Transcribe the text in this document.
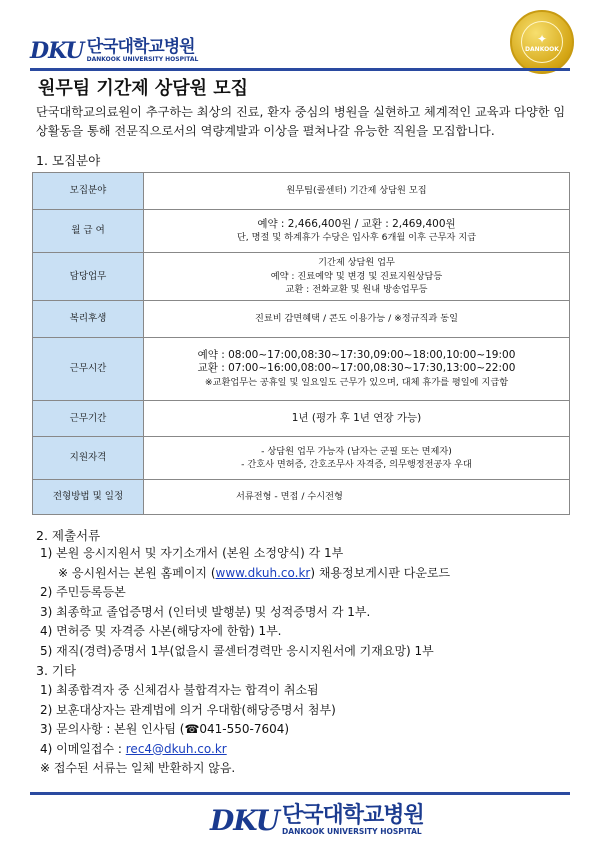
DKU 단국대학교병원
DANKOOK UNIVERSITY HOSPITAL
✦
DANKOOK
원무팀 기간제 상담원 모집

단국대학교의료원이 추구하는 최상의 진료, 환자 중심의 병원을 실현하고 체계적인 교육과 다양한 임상활동을 통해 전문직으로서의 역량계발과 이상을 펼쳐나갈 유능한 직원을 모집합니다.

1. 모집분야
모집분야	원무팀(콜센터) 기간제 상담원 모집

월 급 여	예약 : 2,466,400원 / 교환 : 2,469,400원
단, 명절 및 하계휴가 수당은 입사후 6개월 이후 근무자 지급

담당업무	기간제 상담원 업무
예약 : 진료예약 및 변경 및 진료지원상담등
교환 : 전화교환 및 원내 방송업무등

복리후생	진료비 감면혜택 / 콘도 이용가능 / ※정규직과 동일

근무시간	예약 : 08:00~17:00,08:30~17:30,09:00~18:00,10:00~19:00
교환 : 07:00~16:00,08:00~17:00,08:30~17:30,13:00~22:00
※교환업무는 공휴일 및 일요일도 근무가 있으며, 대체 휴가를 평일에 지급함

근무기간	1년 (평가 후 1년 연장 가능)

지원자격	- 상담원 업무 가능자 (남자는 군필 또는 면제자)
- 간호사 면허증, 간호조무사 자격증, 의무행정전공자 우대

전형방법 및 일정	서류전형 - 면접 / 수시전형
2. 제출서류
1) 본원 응시지원서 및 자기소개서 (본원 소정양식) 각 1부
※ 응시원서는 본원 홈페이지 (www.dkuh.co.kr) 채용정보게시판 다운로드
2) 주민등록등본
3) 최종학교 졸업증명서 (인터넷 발행분) 및 성적증명서 각 1부.
4) 면허증 및 자격증 사본(해당자에 한함) 1부.
5) 재직(경력)증명서 1부(없을시 콜센터경력만 응시지원서에 기재요망) 1부
3. 기타
1) 최종합격자 중 신체검사 불합격자는 합격이 취소됨
2) 보훈대상자는 관계법에 의거 우대함(해당증명서 첨부)
3) 문의사항 : 본원 인사팀 (☎041-550-7604)
4) 이메일접수 : rec4@dkuh.co.kr
※ 접수된 서류는 일체 반환하지 않음.
DKU 단국대학교병원
DANKOOK UNIVERSITY HOSPITAL
